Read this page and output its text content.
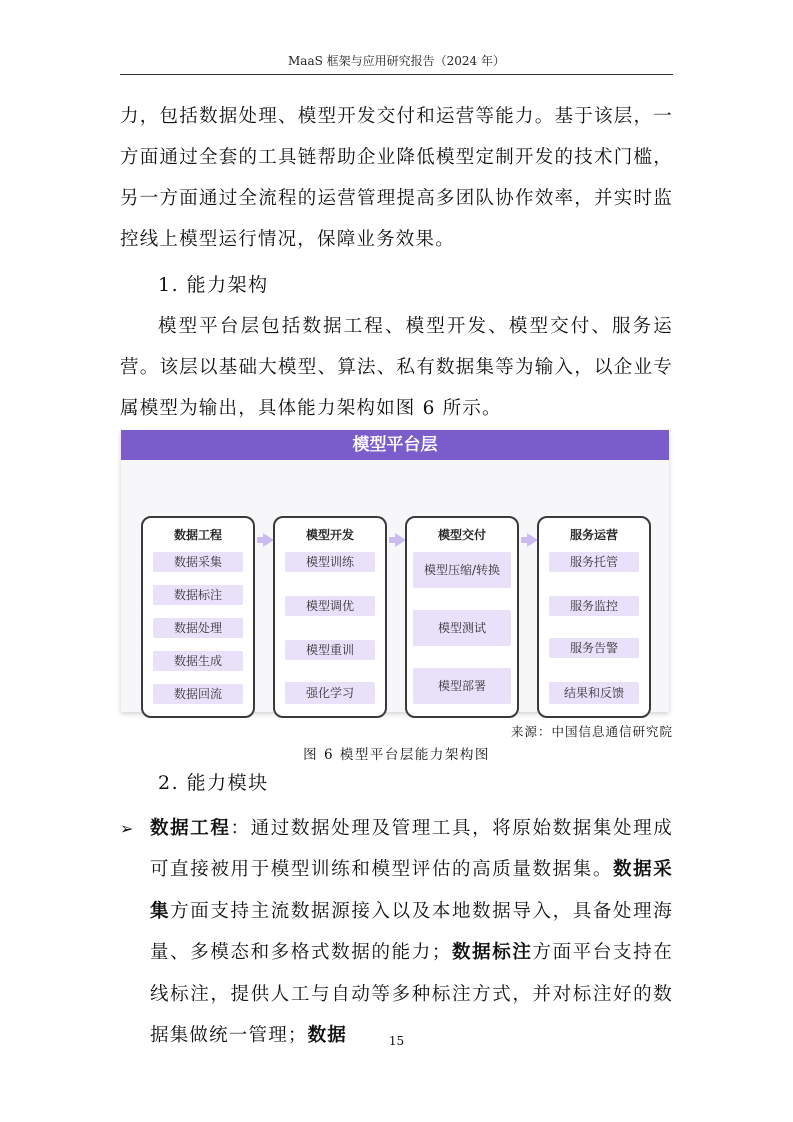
MaaS 框架与应用研究报告（2024 年）

力，包括数据处理、模型开发交付和运营等能力。基于该层，一方面通过全套的工具链帮助企业降低模型定制开发的技术门槛，另一方面通过全流程的运营管理提高多团队协作效率，并实时监控线上模型运行情况，保障业务效果。

1. 能力架构

模型平台层包括数据工程、模型开发、模型交付、服务运营。该层以基础大模型、算法、私有数据集等为输入，以企业专属模型为输出，具体能力架构如图 6 所示。

模型平台层
数据工程
数据采集
数据标注
数据处理
数据生成
数据回流
模型开发
模型训练
模型调优
模型重训
强化学习
模型交付
模型压缩/转换
模型测试
模型部署
服务运营
服务托管
服务监控
服务告警
结果和反馈
来源：中国信息通信研究院
图 6 模型平台层能力架构图
2. 能力模块
➢ 数据工程：通过数据处理及管理工具，将原始数据集处理成可直接被用于模型训练和模型评估的高质量数据集。数据采集方面支持主流数据源接入以及本地数据导入，具备处理海量、多模态和多格式数据的能力；数据标注方面平台支持在线标注，提供人工与自动等多种标注方式，并对标注好的数据集做统一管理；数据	15
